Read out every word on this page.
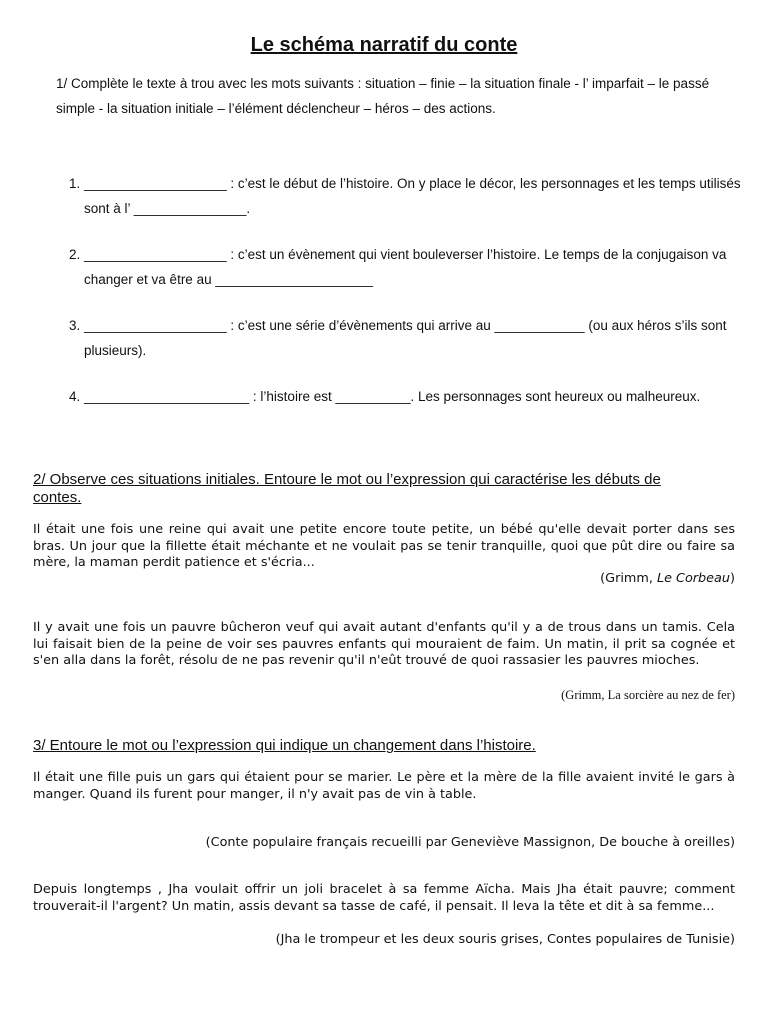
Le schéma narratif du conte

1/ Complète le texte à trou avec les mots suivants : situation – finie – la situation finale - l’ imparfait – le passé simple - la situation initiale – l’élément déclencheur – héros – des actions.

1. ___________________ : c’est le début de l’histoire. On y place le décor, les personnages et les temps utilisés sont à l’ _______________.
2. ___________________ : c’est un évènement qui vient bouleverser l’histoire. Le temps de la conjugaison va changer et va être au _____________________
3. ___________________ : c’est une série d’évènements qui arrive au ____________ (ou aux héros s’ils sont plusieurs).
4. ______________________ : l’histoire est __________. Les personnages sont heureux ou malheureux.

2/ Observe ces situations initiales. Entoure le mot ou l’expression qui caractérise les débuts de contes.

Il était une fois une reine qui avait une petite encore toute petite, un bébé qu'elle devait porter dans ses bras. Un jour que la fillette était méchante et ne voulait pas se tenir tranquille, quoi que pût dire ou faire sa mère, la maman perdit patience et s'écria...

(Grimm, Le Corbeau)

Il y avait une fois un pauvre bûcheron veuf qui avait autant d'enfants qu'il y a de trous dans un tamis. Cela lui faisait bien de la peine de voir ses pauvres enfants qui mouraient de faim. Un matin, il prit sa cognée et s'en alla dans la forêt, résolu de ne pas revenir qu'il n'eût trouvé de quoi rassasier les pauvres mioches.

(Grimm, La sorcière au nez de fer)

3/ Entoure le mot ou l’expression qui indique un changement dans l’histoire.

Il était une fille puis un gars qui étaient pour se marier. Le père et la mère de la fille avaient invité le gars à manger. Quand ils furent pour manger, il n'y avait pas de vin à table.

(Conte populaire français recueilli par Geneviève Massignon, De bouche à oreilles)

Depuis longtemps , Jha voulait offrir un joli bracelet à sa femme Aïcha. Mais Jha était pauvre; comment trouverait-il l'argent? Un matin, assis devant sa tasse de café, il pensait. Il leva la tête et dit à sa femme...

(Jha le trompeur et les deux souris grises, Contes populaires de Tunisie)
